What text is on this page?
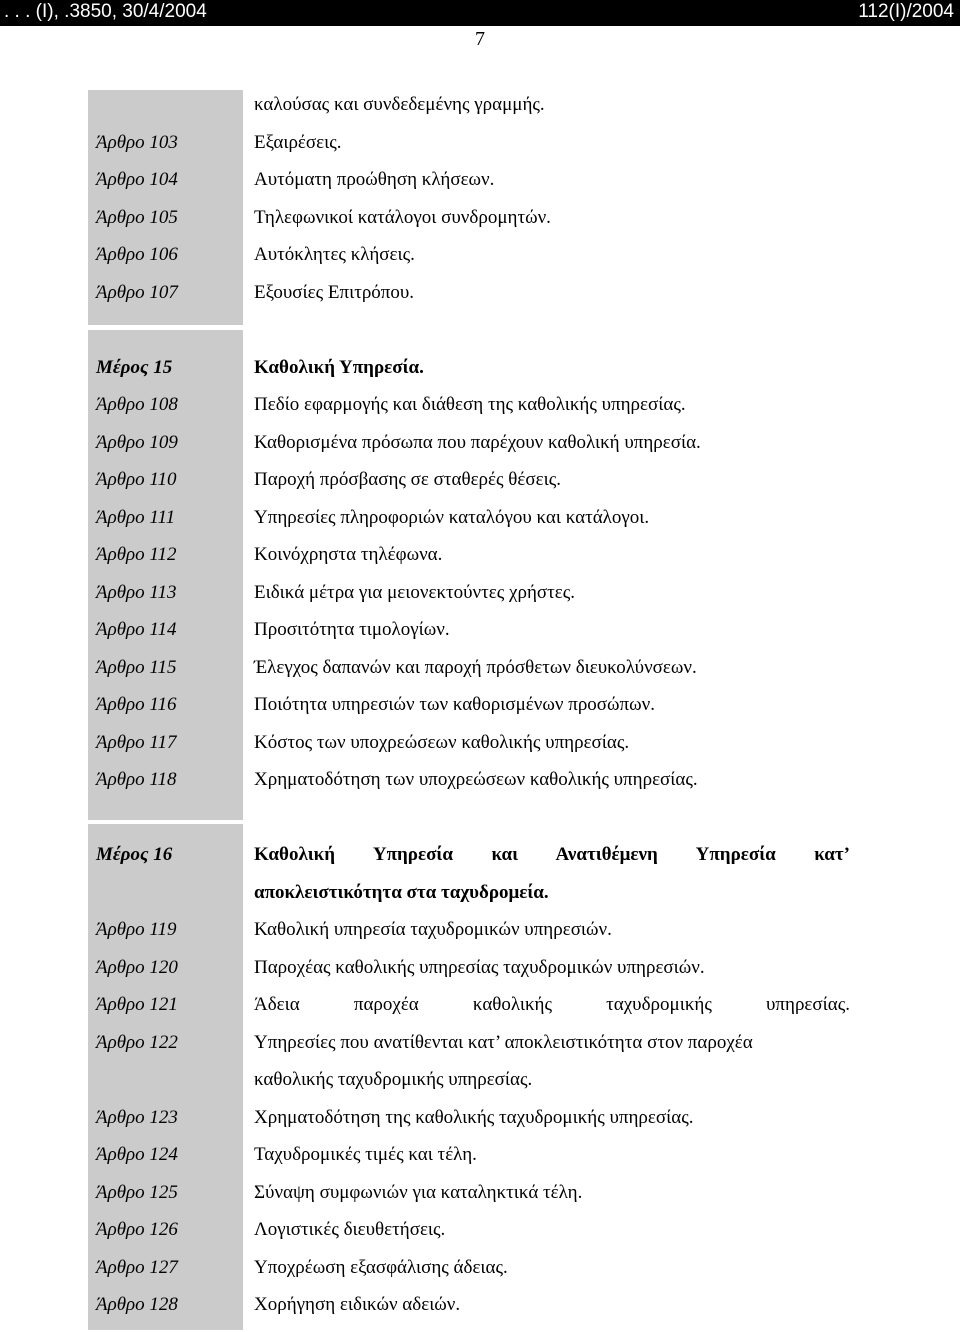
. . . (I), .3850, 30/4/2004	112(I)/2004
7
καλούσας και συνδεδεμένης γραμμής.
Άρθρο 103	Εξαιρέσεις.
Άρθρο 104	Αυτόματη προώθηση κλήσεων.
Άρθρο 105	Τηλεφωνικοί κατάλογοι συνδρομητών.
Άρθρο 106	Αυτόκλητες κλήσεις.
Άρθρο 107	Εξουσίες Επιτρόπου.
Μέρος 15	Καθολική Υπηρεσία.
Άρθρο 108	Πεδίο εφαρμογής και διάθεση της καθολικής υπηρεσίας.
Άρθρο 109	Καθορισμένα πρόσωπα που παρέχουν καθολική υπηρεσία.
Άρθρο 110	Παροχή πρόσβασης σε σταθερές θέσεις.
Άρθρο 111	Υπηρεσίες πληροφοριών καταλόγου και κατάλογοι.
Άρθρο 112	Κοινόχρηστα τηλέφωνα.
Άρθρο 113	Ειδικά μέτρα για μειονεκτούντες χρήστες.
Άρθρο 114	Προσιτότητα τιμολογίων.
Άρθρο 115	Έλεγχος δαπανών και παροχή πρόσθετων διευκολύνσεων.
Άρθρο 116	Ποιότητα υπηρεσιών των καθορισμένων προσώπων.
Άρθρο 117	Κόστος των υποχρεώσεων καθολικής υπηρεσίας.
Άρθρο 118	Χρηματοδότηση των υποχρεώσεων καθολικής υπηρεσίας.
Μέρος 16	Καθολική Υπηρεσία και Ανατιθέμενη Υπηρεσία κατ’
αποκλειστικότητα στα ταχυδρομεία.
Άρθρο 119	Καθολική υπηρεσία ταχυδρομικών υπηρεσιών.
Άρθρο 120	Παροχέας καθολικής υπηρεσίας ταχυδρομικών υπηρεσιών.
Άρθρο 121	Άδεια παροχέα καθολικής ταχυδρομικής υπηρεσίας.
Άρθρο 122	Υπηρεσίες που ανατίθενται κατ’ αποκλειστικότητα στον παροχέα
καθολικής ταχυδρομικής υπηρεσίας.
Άρθρο 123	Χρηματοδότηση της καθολικής ταχυδρομικής υπηρεσίας.
Άρθρο 124	Ταχυδρομικές τιμές και τέλη.
Άρθρο 125	Σύναψη συμφωνιών για καταληκτικά τέλη.
Άρθρο 126	Λογιστικές διευθετήσεις.
Άρθρο 127	Υποχρέωση εξασφάλισης άδειας.
Άρθρο 128	Χορήγηση ειδικών αδειών.
